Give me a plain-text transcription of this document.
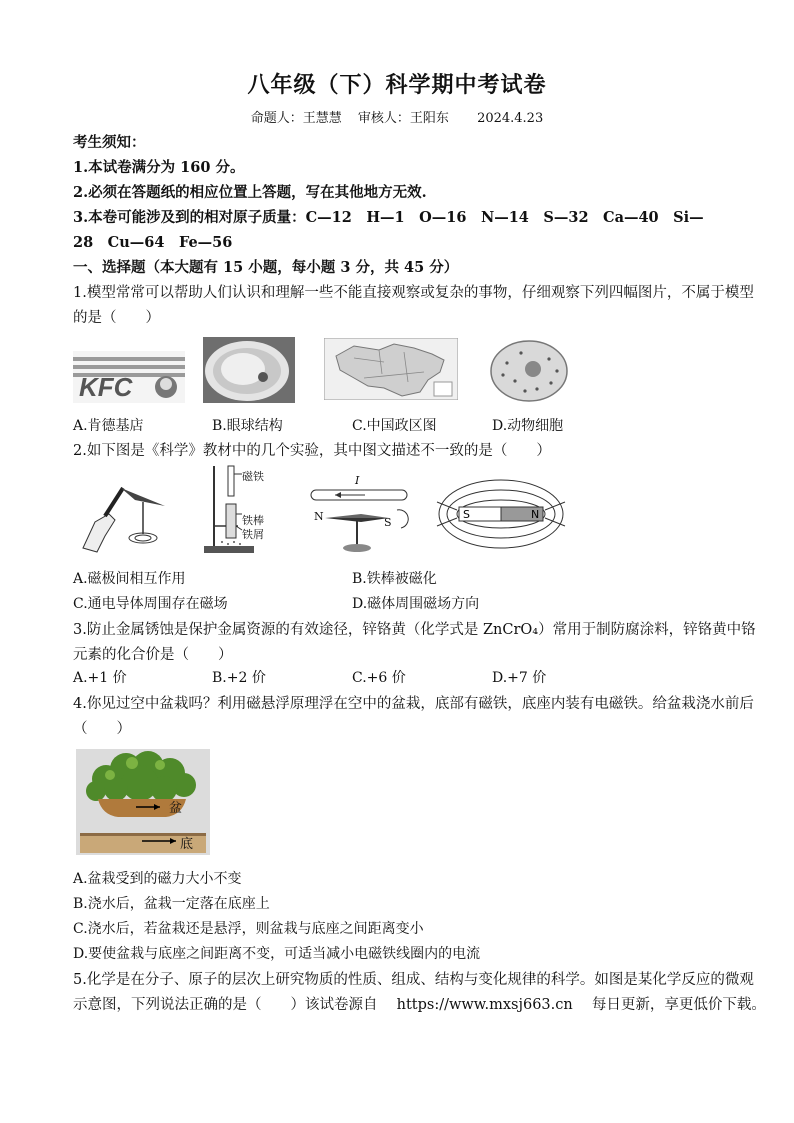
八年级（下）科学期中考试卷
命题人：王慧慧 审核人：王阳东 2024.4.23
考生须知：
1.本试卷满分为 160 分。
2.必须在答题纸的相应位置上答题，写在其他地方无效.
3.本卷可能涉及到的相对原子质量：C—12　H—1　O—16　N—14　S—32　Ca—40　Si—
28　Cu—64　Fe—56
一、选择题（本大题有 15 小题，每小题 3 分，共 45 分）
1.模型常常可以帮助人们认识和理解一些不能直接观察或复杂的事物，仔细观察下列四幅图片，不属于模型
的是（　　）
KFC
A.肯德基店	B.眼球结构	C.中国政区图	D.动物细胞
2.如下图是《科学》教材中的几个实验，其中图文描述不一致的是（　　）
磁铁
铁棒
铁屑
I
N	S
S	N
A.磁极间相互作用	B.铁棒被磁化
C.通电导体周围存在磁场	D.磁体周围磁场方向
3.防止金属锈蚀是保护金属资源的有效途径，锌铬黄（化学式是 ZnCrO₄）常用于制防腐涂料，锌铬黄中铬
元素的化合价是（　　）
A.+1 价	B.+2 价	C.+6 价	D.+7 价
4.你见过空中盆栽吗？利用磁悬浮原理浮在空中的盆栽，底部有磁铁，底座内装有电磁铁。给盆栽浇水前后
（　　）
盆
底
A.盆栽受到的磁力大小不变
B.浇水后，盆栽一定落在底座上
C.浇水后，若盆栽还是悬浮，则盆栽与底座之间距离变小
D.要使盆栽与底座之间距离不变，可适当减小电磁铁线圈内的电流
5.化学是在分子、原子的层次上研究物质的性质、组成、结构与变化规律的科学。如图是某化学反应的微观
示意图，下列说法正确的是（　　）该试卷源自　 https://www.mxsj663.cn　 每日更新，享更低价下载。
